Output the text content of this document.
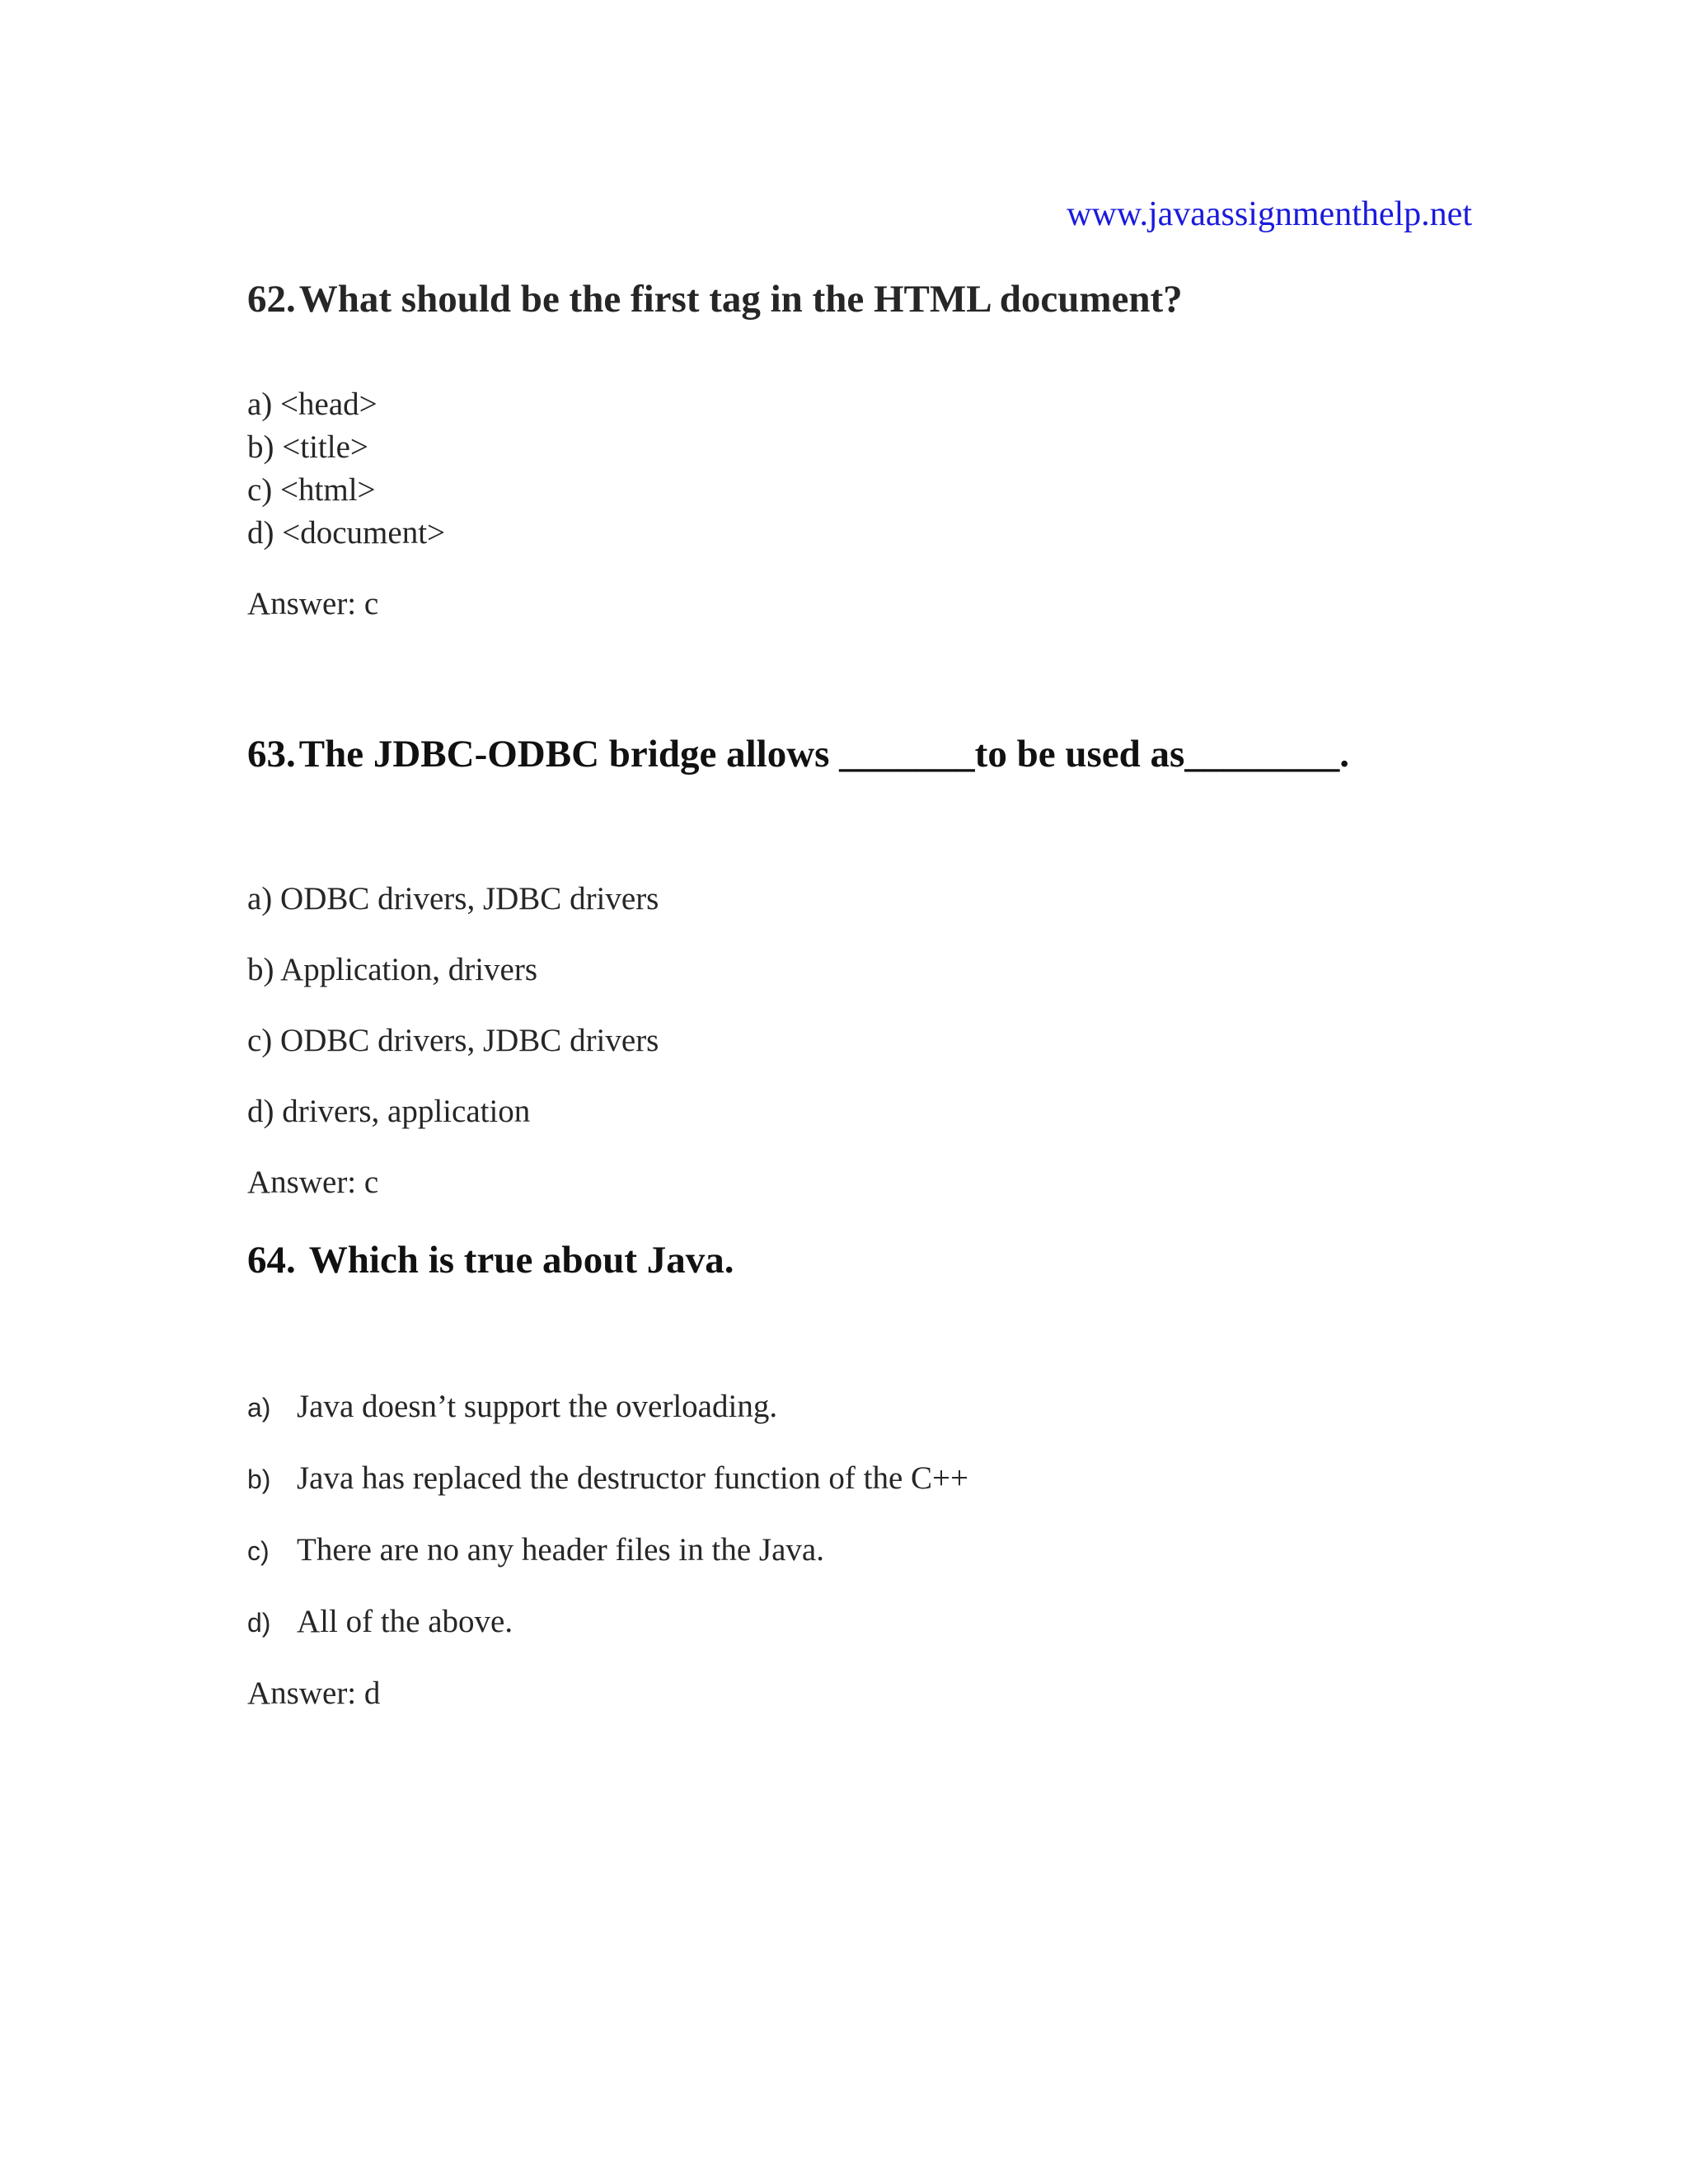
www.javaassignmenthelp.net
62.What should be the first tag in the HTML document?
a) <head>
b) <title>
c) <html>
d) <document>
Answer: c
63.The JDBC-ODBC bridge allows _______to be used as________.
a) ODBC drivers, JDBC drivers
b) Application, drivers
c) ODBC drivers, JDBC drivers
d) drivers, application
Answer: c
64. Which is true about Java.
a) Java doesn’t support the overloading.
b) Java has replaced the destructor function of the C++
c) There are no any header files in the Java.
d) All of the above.
Answer: d
